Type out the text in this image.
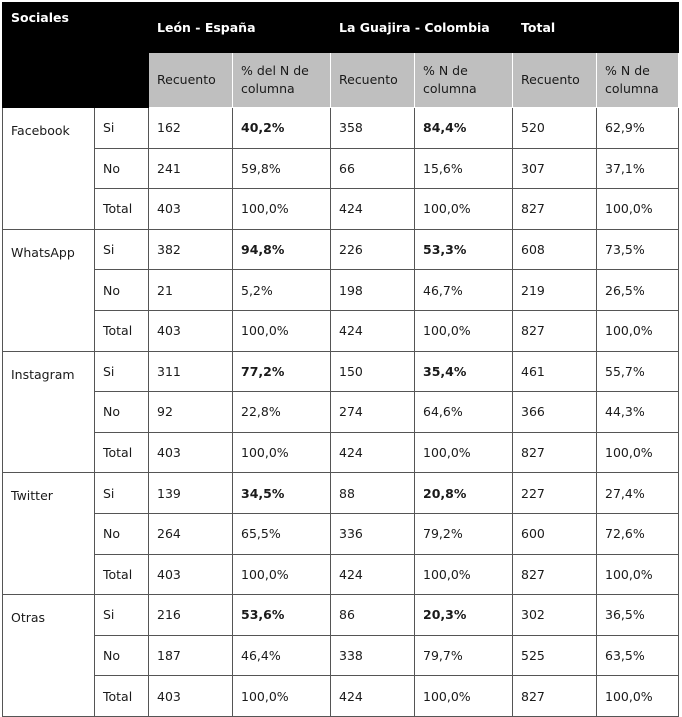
Sociales		León - España		La Guajira - Colombia		Total	
		Recuento	% del N de columna	Recuento	% N de columna	Recuento	% N de columna
Facebook	Si	162	40,2%	358	84,4%	520	62,9%
	No	241	59,8%	66	15,6%	307	37,1%
	Total	403	100,0%	424	100,0%	827	100,0%
WhatsApp	Si	382	94,8%	226	53,3%	608	73,5%
	No	21	5,2%	198	46,7%	219	26,5%
	Total	403	100,0%	424	100,0%	827	100,0%
Instagram	Si	311	77,2%	150	35,4%	461	55,7%
	No	92	22,8%	274	64,6%	366	44,3%
	Total	403	100,0%	424	100,0%	827	100,0%
Twitter	Si	139	34,5%	88	20,8%	227	27,4%
	No	264	65,5%	336	79,2%	600	72,6%
	Total	403	100,0%	424	100,0%	827	100,0%
Otras	Si	216	53,6%	86	20,3%	302	36,5%
	No	187	46,4%	338	79,7%	525	63,5%
	Total	403	100,0%	424	100,0%	827	100,0%
